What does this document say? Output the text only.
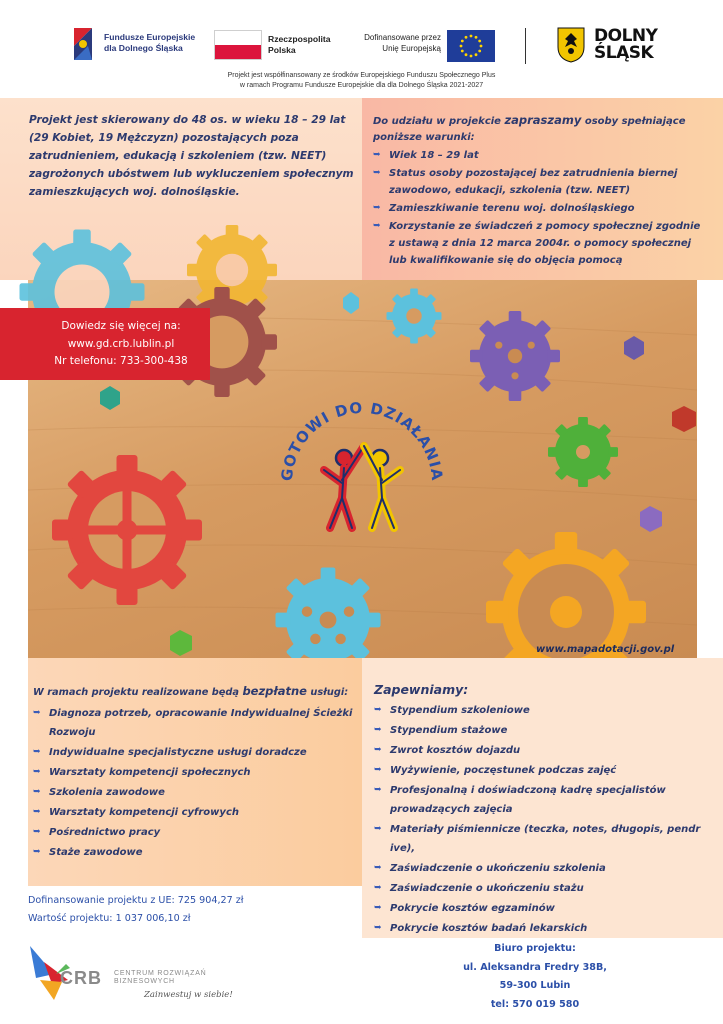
Fundusze Europejskie
dla Dolnego Śląska
Rzeczpospolita
Polska
Dofinansowane przez
Unię Europejską
DOLNY
ŚLĄSK
Projekt jest współfinansowany ze środków Europejskiego Funduszu Społecznego Plus
w ramach Programu Fundusze Europejskie dla dla Dolnego Śląska 2021-2027
Projekt jest skierowany do 48 os. w wieku 18 – 29 lat (29 Kobiet, 19 Mężczyzn) pozostających poza zatrudnieniem, edukacją i szkoleniem (tzw. NEET) zagrożonych ubóstwem lub wykluczeniem społecznym zamieszkujących woj. dolnośląskie.
Do udziału w projekcie zapraszamy osoby spełniające poniższe warunki:
➥ Wiek 18 – 29 lat
➥ Status osoby pozostającej bez zatrudnienia biernej zawodowo, edukacji, szkolenia (tzw. NEET)
➥ Zamieszkiwanie terenu woj. dolnośląskiego
➥ Korzystanie ze świadczeń z pomocy społecznej zgodnie z ustawą z dnia 12 marca 2004r. o pomocy społecznej lub kwalifikowanie się do objęcia pomocą
Dowiedz się więcej na:
www.gd.crb.lublin.pl
Nr telefonu: 733-300-438
GOTOWI DO DZIAŁANIA
www.mapadotacji.gov.pl
W ramach projektu realizowane będą bezpłatne usługi:
➥ Diagnoza potrzeb, opracowanie Indywidualnej Ścieżki Rozwoju
➥ Indywidualne specjalistyczne usługi doradcze
➥ Warsztaty kompetencji społecznych
➥ Szkolenia zawodowe
➥ Warsztaty kompetencji cyfrowych
➥ Pośrednictwo pracy
➥ Staże zawodowe
Zapewniamy:
➥ Stypendium szkoleniowe
➥ Stypendium stażowe
➥ Zwrot kosztów dojazdu
➥ Wyżywienie, poczęstunek podczas zajęć
➥ Profesjonalną i doświadczoną kadrę specjalistów prowadzących zajęcia
➥ Materiały piśmiennicze (teczka, notes, długopis, pendr ive),
➥ Zaświadczenie o ukończeniu szkolenia
➥ Zaświadczenie o ukończeniu stażu
➥ Pokrycie kosztów egzaminów
➥ Pokrycie kosztów badań lekarskich
Dofinansowanie projektu z UE: 725 904,27 zł
Wartość projektu: 1 037 006,10 zł
CRB CENTRUM ROZWIĄZAŃ
BIZNESOWYCH
Zainwestuj w siebie!
Biuro projektu:
ul. Aleksandra Fredry 38B,
59-300 Lubin
tel: 570 019 580
